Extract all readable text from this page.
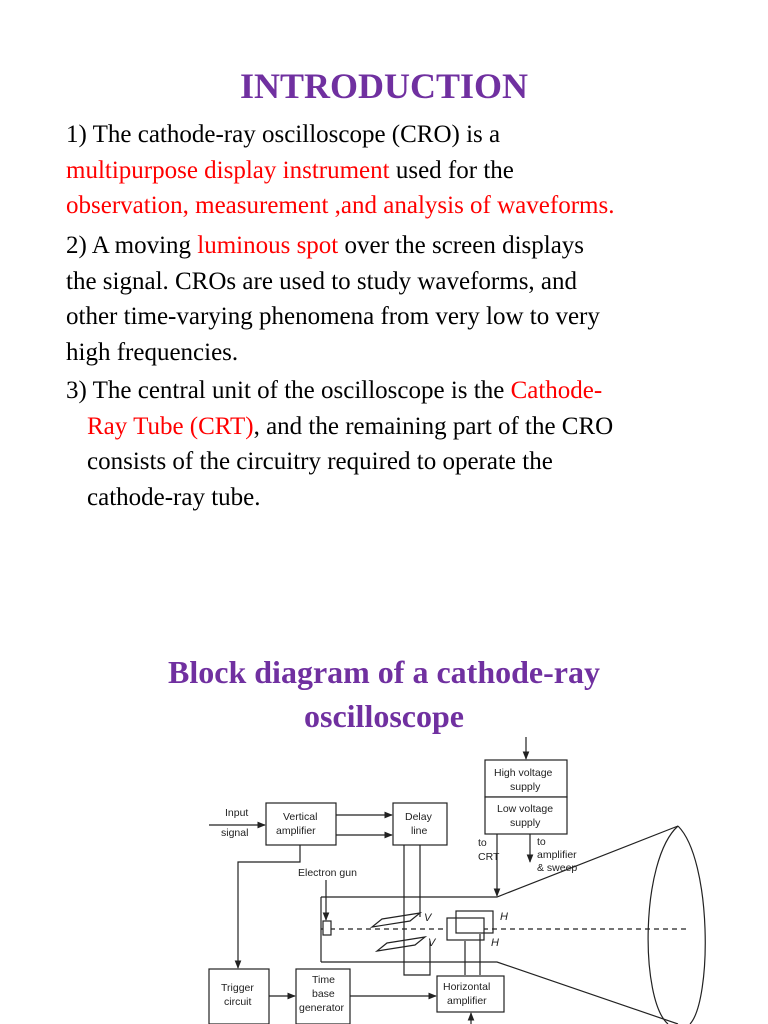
INTRODUCTION
1) The cathode-ray oscilloscope (CRO) is a
multipurpose display instrument used for the
observation, measurement ,and analysis of waveforms.
2) A moving luminous spot over the screen displays
the signal. CROs are used to study waveforms, and
other time-varying phenomena from very low to very
high frequencies.
3) The central unit of the oscilloscope is the Cathode-
Ray Tube (CRT), and the remaining part of the CRO
consists of the circuitry required to operate the
cathode-ray tube.
Block diagram of a cathode-ray
oscilloscope
Input
signal
Vertical
amplifier
Delay
line
High voltage
supply
Low voltage
supply
to
CRT
to
amplifier
& sweep
Electron gun
V
V
H
H
Trigger
circuit
Time
base
generator
Horizontal
amplifier
